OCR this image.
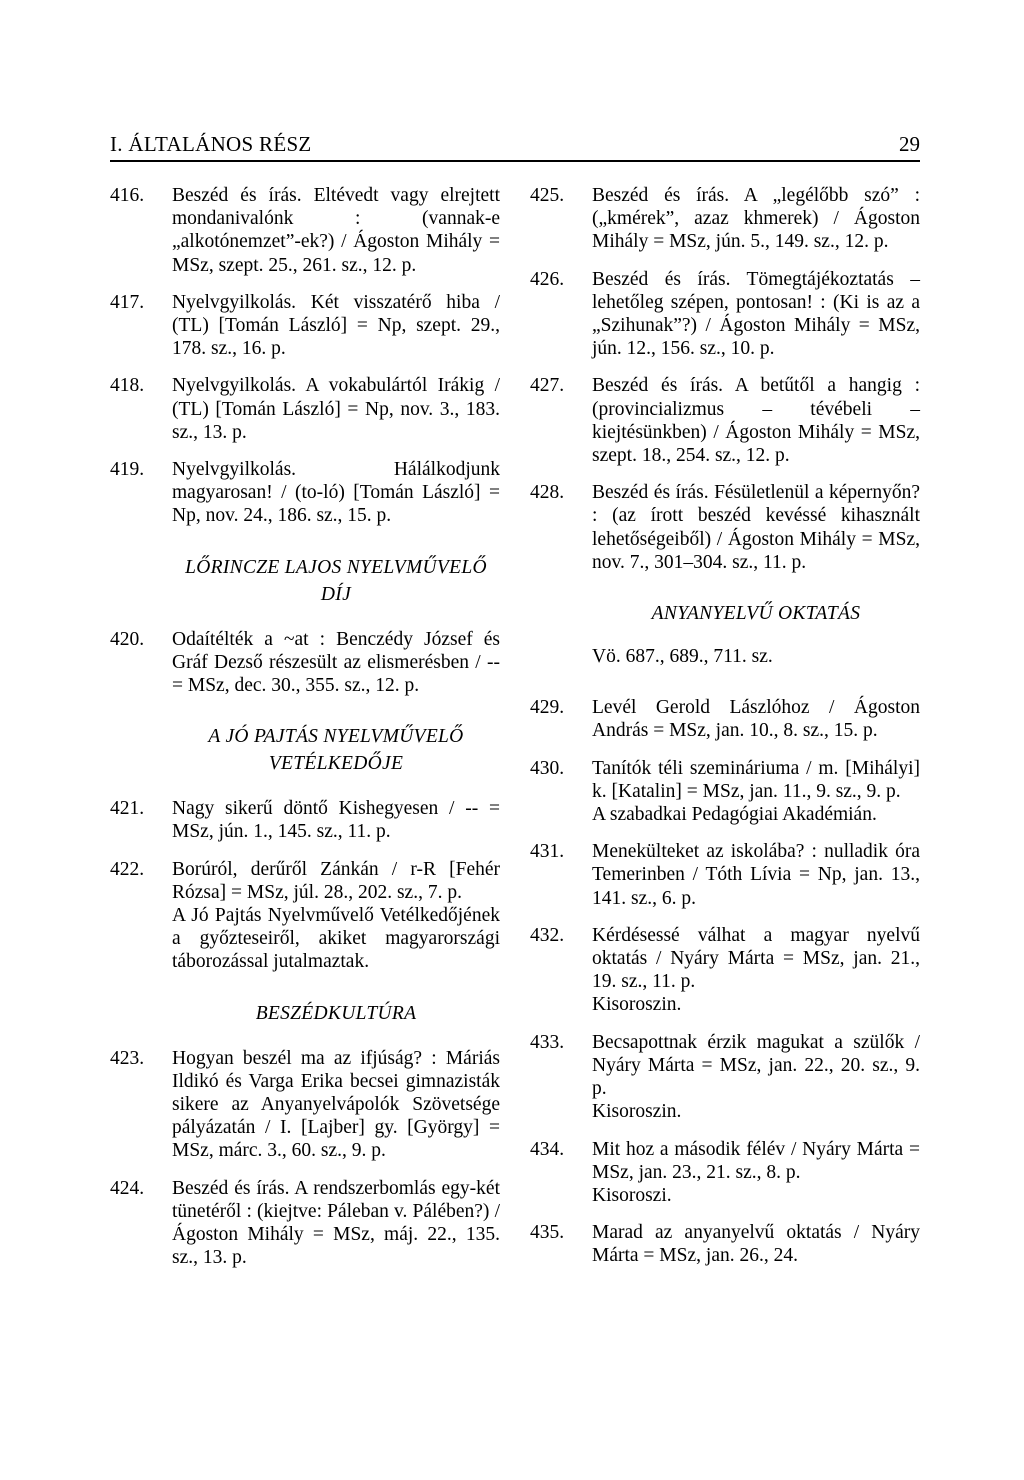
I. ÁLTALÁNOS RÉSZ	29
416.	Beszéd és írás. Eltévedt vagy elrejtett mondanivalónk : (vannak-e „alkotónemzet”-ek?) / Ágoston Mihály = MSz, szept. 25., 261. sz., 12. p.
417.	Nyelvgyilkolás. Két visszatérő hiba / (TL) [Tomán László] = Np, szept. 29., 178. sz., 16. p.
418.	Nyelvgyilkolás. A vokabulártól Irákig / (TL) [Tomán László] = Np, nov. 3., 183. sz., 13. p.
419.	Nyelvgyilkolás. Hálálkodjunk magyarosan! / (to-ló) [Tomán László] = Np, nov. 24., 186. sz., 15. p.
LŐRINCZE LAJOS NYELVMŰVELŐ DÍJ
420.	Odaítélték a ~at : Benczédy József és Gráf Dezső részesült az elismerésben / -- = MSz, dec. 30., 355. sz., 12. p.
A JÓ PAJTÁS NYELVMŰVELŐ VETÉLKEDŐJE
421.	Nagy sikerű döntő Kishegyesen / -- = MSz, jún. 1., 145. sz., 11. p.
422.	Borúról, derűről Zánkán / r-R [Fehér Rózsa] = MSz, júl. 28., 202. sz., 7. p.
A Jó Pajtás Nyelvművelő Vetélkedőjének a győzteseiről, akiket magyarországi táborozással jutalmaztak.
BESZÉDKULTÚRA
423.	Hogyan beszél ma az ifjúság? : Máriás Ildikó és Varga Erika becsei gimnazisták sikere az Anyanyelvápolók Szövetsége pályázatán / I. [Lajber] gy. [György] = MSz, márc. 3., 60. sz., 9. p.
424.	Beszéd és írás. A rendszerbomlás egy-két tünetéről : (kiejtve: Páleban v. Pálében?) / Ágoston Mihály = MSz, máj. 22., 135. sz., 13. p.
425.	Beszéd és írás. A „legélőbb szó” : („kmérek”, azaz khmerek) / Ágoston Mihály = MSz, jún. 5., 149. sz., 12. p.
426.	Beszéd és írás. Tömegtájékoztatás – lehetőleg szépen, pontosan! : (Ki is az a „Szihunak”?) / Ágoston Mihály = MSz, jún. 12., 156. sz., 10. p.
427.	Beszéd és írás. A betűtől a hangig : (provincializmus – tévébeli – kiejtésünkben) / Ágoston Mihály = MSz, szept. 18., 254. sz., 12. p.
428.	Beszéd és írás. Fésületlenül a képernyőn? : (az írott beszéd kevéssé kihasznált lehetőségeiből) / Ágoston Mihály = MSz, nov. 7., 301–304. sz., 11. p.
ANYANYELVŰ OKTATÁS
Vö. 687., 689., 711. sz.
429.	Levél Gerold Lászlóhoz / Ágoston András = MSz, jan. 10., 8. sz., 15. p.
430.	Tanítók téli szemináriuma / m. [Mihályi] k. [Katalin] = MSz, jan. 11., 9. sz., 9. p.
A szabadkai Pedagógiai Akadémián.
431.	Menekülteket az iskolába? : nulladik óra Temerinben / Tóth Lívia = Np, jan. 13., 141. sz., 6. p.
432.	Kérdésessé válhat a magyar nyelvű oktatás / Nyáry Márta = MSz, jan. 21., 19. sz., 11. p.
Kisoroszin.
433.	Becsapottnak érzik magukat a szülők / Nyáry Márta = MSz, jan. 22., 20. sz., 9. p.
Kisoroszin.
434.	Mit hoz a második félév / Nyáry Márta = MSz, jan. 23., 21. sz., 8. p.
Kisoroszi.
435.	Marad az anyanyelvű oktatás / Nyáry Márta = MSz, jan. 26., 24.
